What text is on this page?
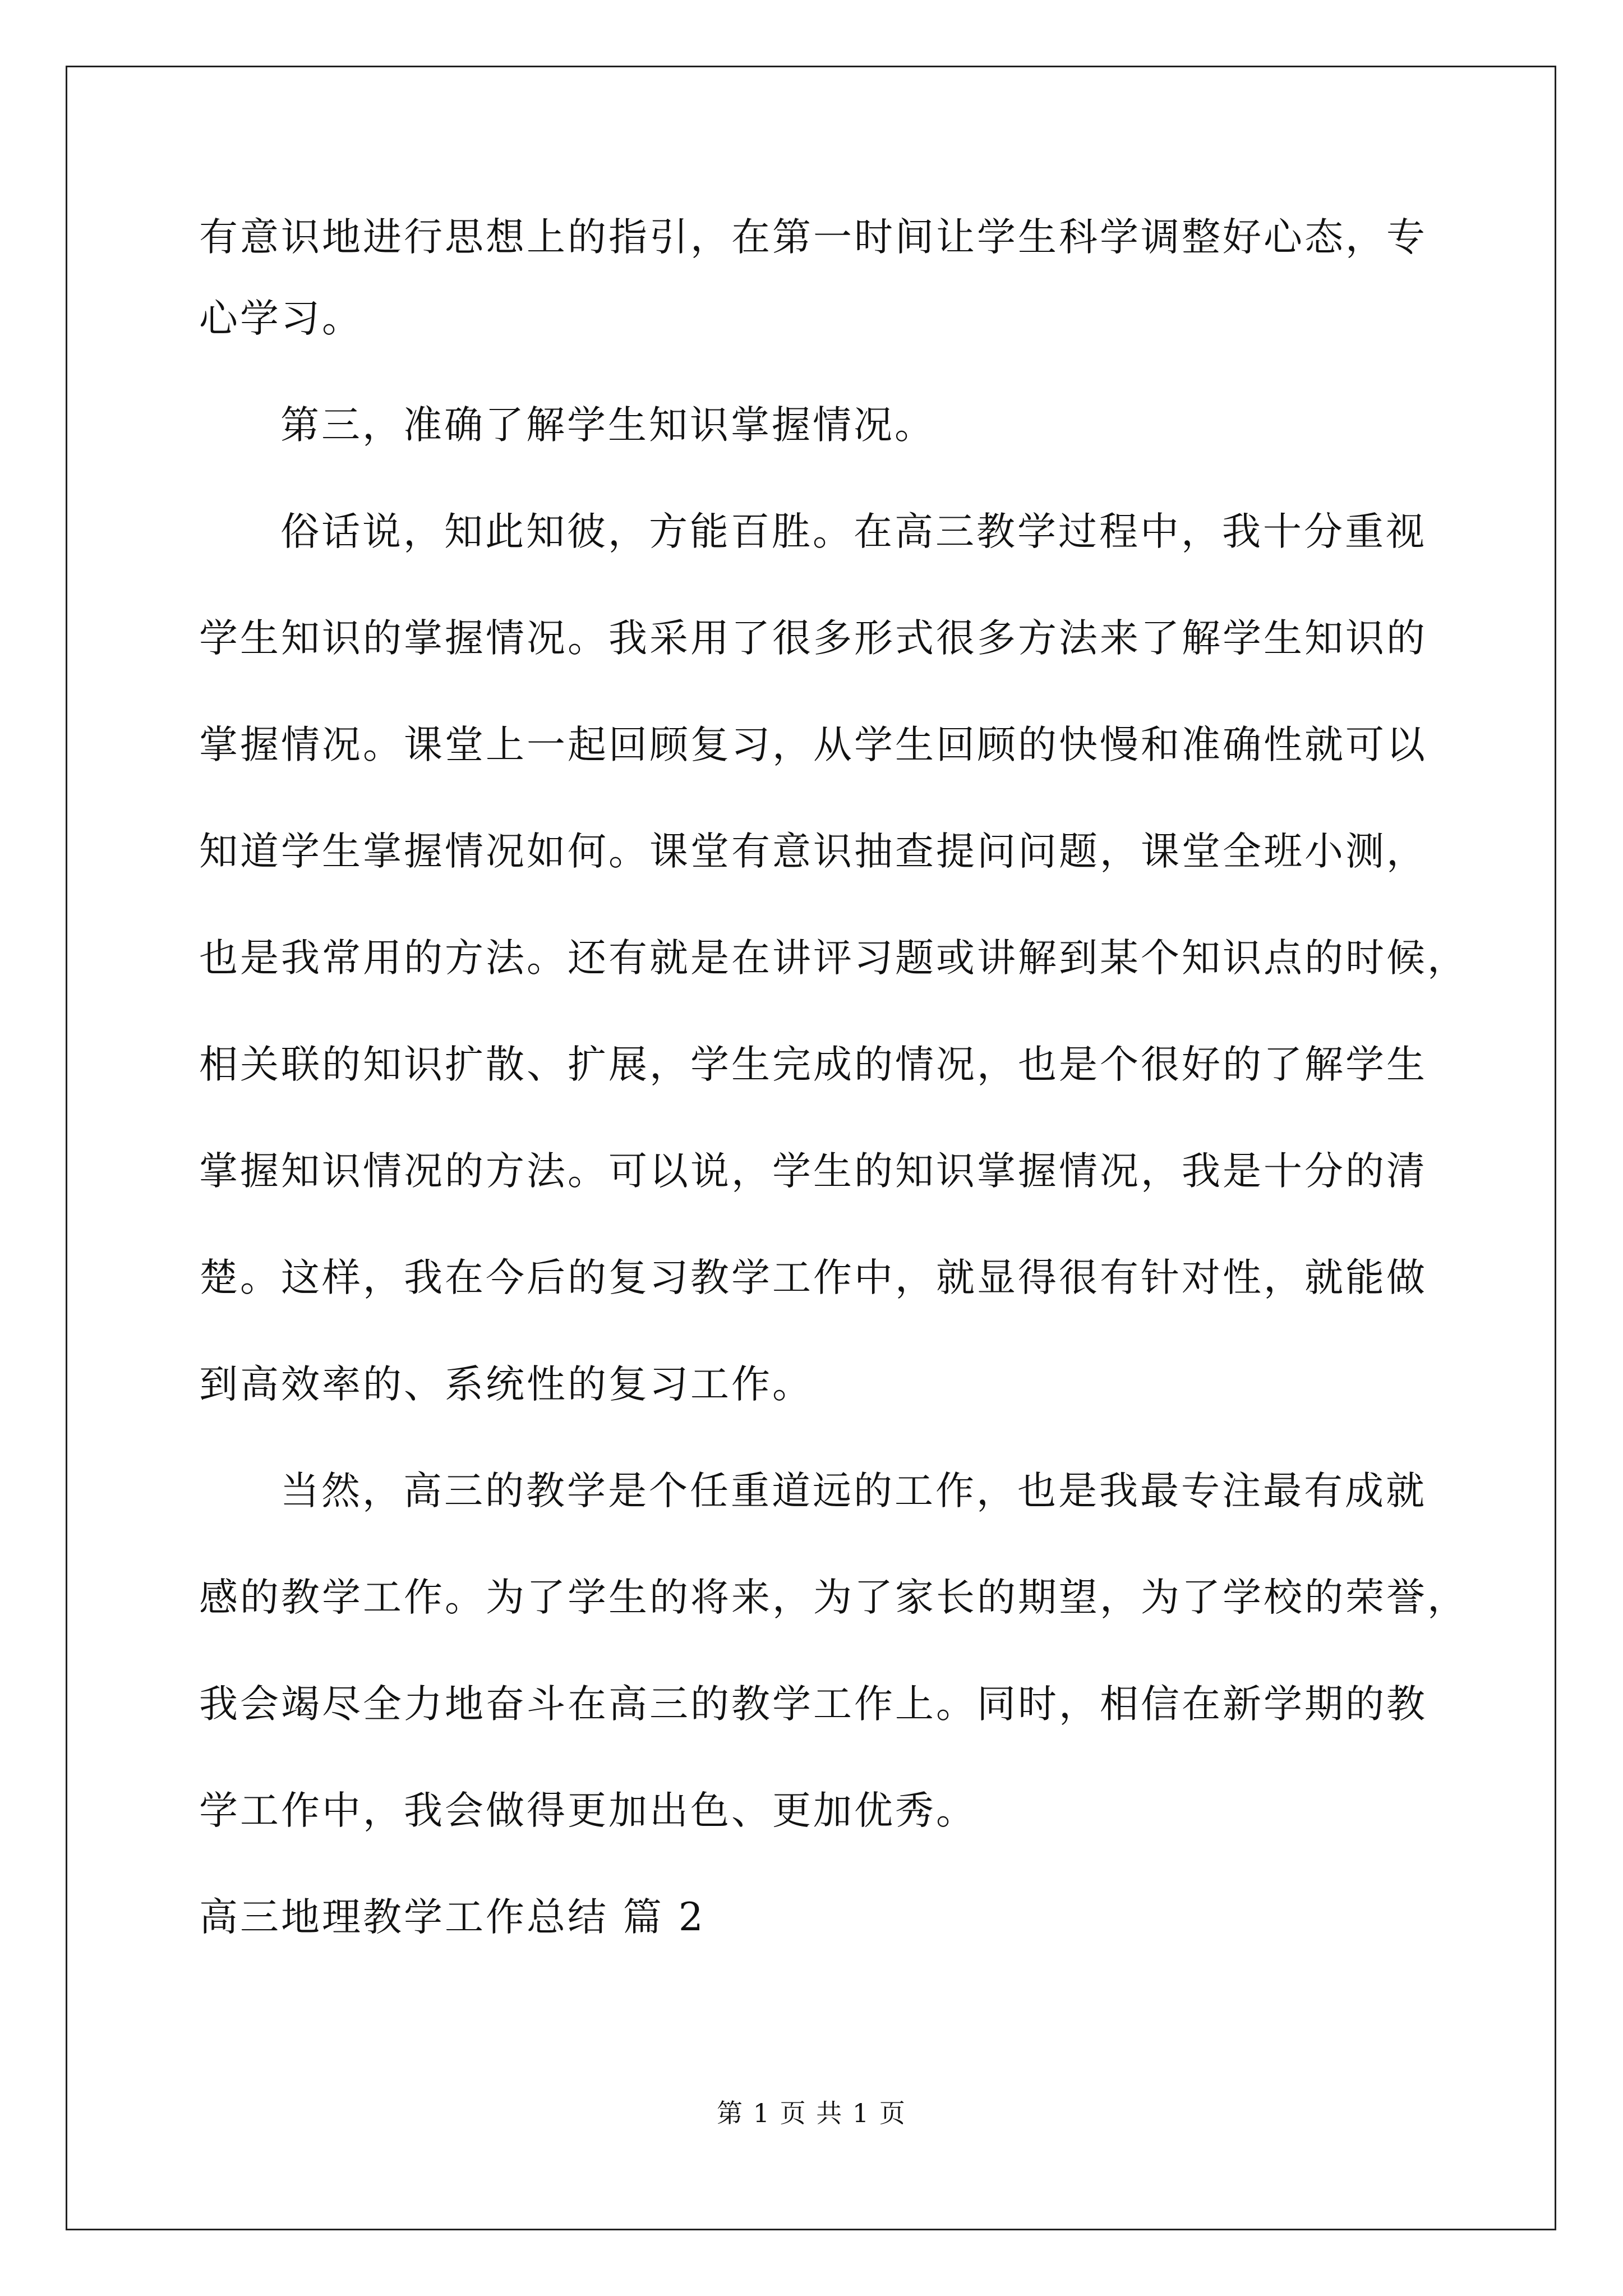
有意识地进行思想上的指引，在第一时间让学生科学调整好心态，专
心学习。
第三，准确了解学生知识掌握情况。
俗话说，知此知彼，方能百胜。在高三教学过程中，我十分重视
学生知识的掌握情况。我采用了很多形式很多方法来了解学生知识的
掌握情况。课堂上一起回顾复习，从学生回顾的快慢和准确性就可以
知道学生掌握情况如何。课堂有意识抽查提问问题，课堂全班小测，
也是我常用的方法。还有就是在讲评习题或讲解到某个知识点的时候，
相关联的知识扩散、扩展，学生完成的情况，也是个很好的了解学生
掌握知识情况的方法。可以说，学生的知识掌握情况，我是十分的清
楚。这样，我在今后的复习教学工作中，就显得很有针对性，就能做
到高效率的、系统性的复习工作。
当然，高三的教学是个任重道远的工作，也是我最专注最有成就
感的教学工作。为了学生的将来，为了家长的期望，为了学校的荣誉，
我会竭尽全力地奋斗在高三的教学工作上。同时，相信在新学期的教
学工作中，我会做得更加出色、更加优秀。
高三地理教学工作总结 篇 2
第 1 页 共 1 页
